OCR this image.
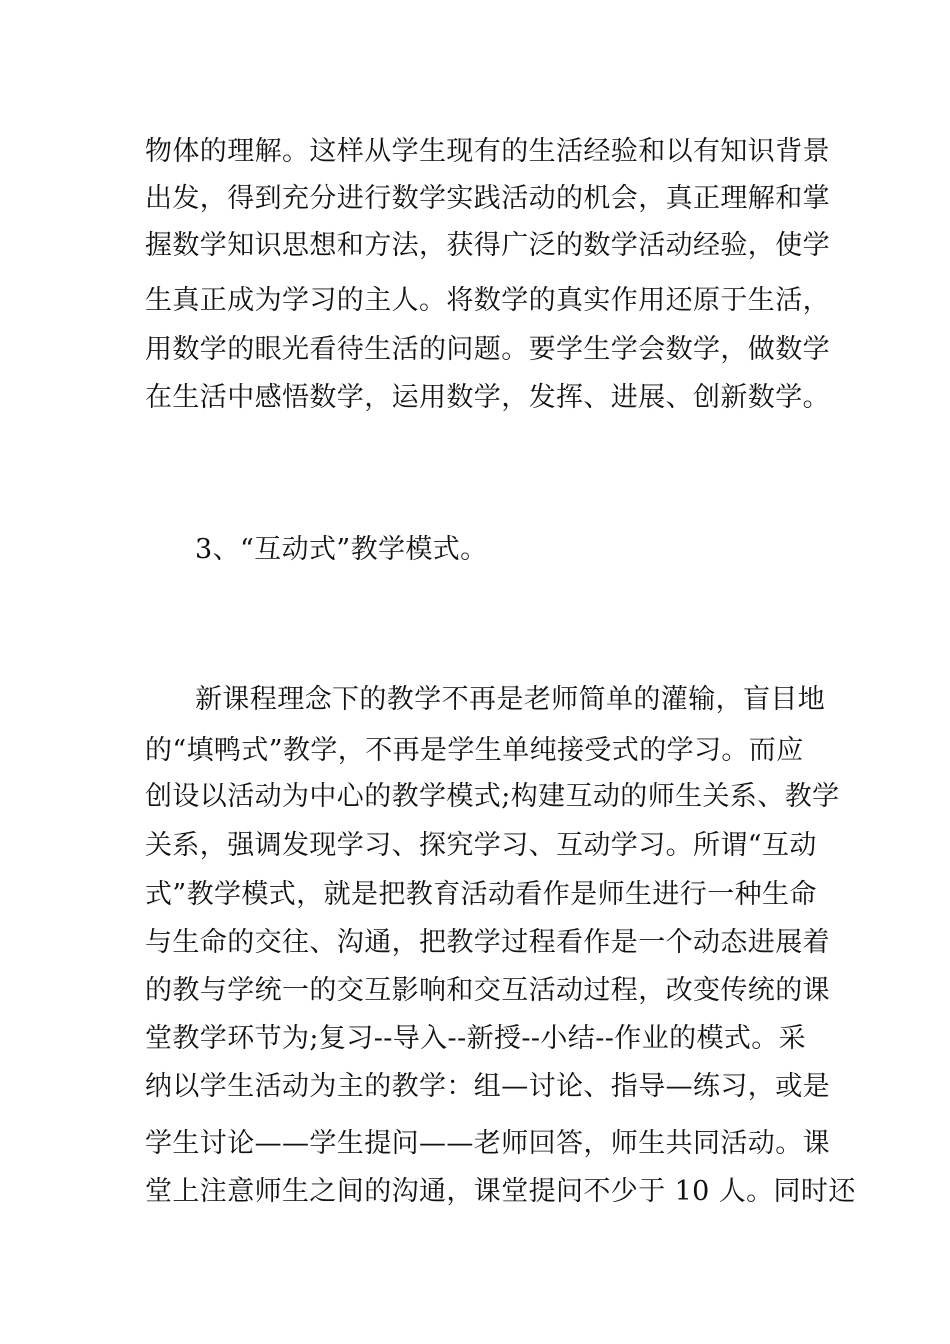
物体的理解。这样从学生现有的生活经验和以有知识背景
出发，得到充分进行数学实践活动的机会，真正理解和掌
握数学知识思想和方法，获得广泛的数学活动经验，使学
生真正成为学习的主人。将数学的真实作用还原于生活，
用数学的眼光看待生活的问题。要学生学会数学，做数学
在生活中感悟数学，运用数学，发挥、进展、创新数学。
3、“互动式”教学模式。
新课程理念下的教学不再是老师简单的灌输，盲目地
的“填鸭式”教学，不再是学生单纯接受式的学习。而应
创设以活动为中心的教学模式;构建互动的师生关系、教学
关系，强调发现学习、探究学习、互动学习。所谓“互动
式”教学模式，就是把教育活动看作是师生进行一种生命
与生命的交往、沟通，把教学过程看作是一个动态进展着
的教与学统一的交互影响和交互活动过程，改变传统的课
堂教学环节为;复习--导入--新授--小结--作业的模式。采
纳以学生活动为主的教学：组—讨论、指导—练习，或是
学生讨论——学生提问——老师回答，师生共同活动。课
堂上注意师生之间的沟通，课堂提问不少于 10 人。同时还
